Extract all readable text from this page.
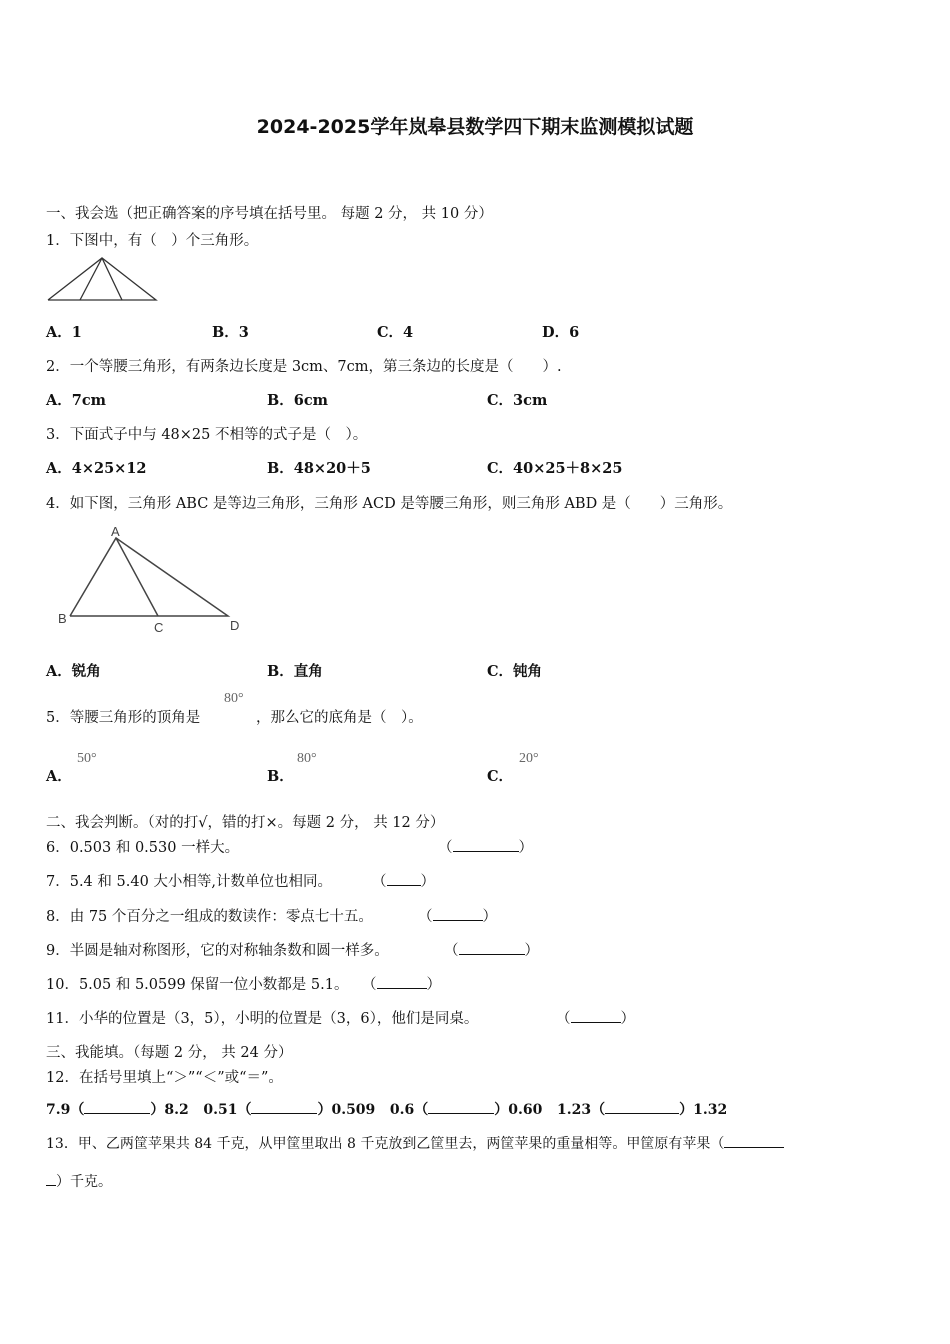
2024-2025学年岚皋县数学四下期末监测模拟试题
一、我会选（把正确答案的序号填在括号里。 每题 2 分， 共 10 分）
1．下图中，有（　）个三角形。
A．1	B．3	C．4	D．6
2．一个等腰三角形，有两条边长度是 3cm、7cm，第三条边的长度是（　　）.
A．7cm	B．6cm	C．3cm
3．下面式子中与 48×25 不相等的式子是（　）。
A．4×25×12	B．48×20＋5	C．40×25＋8×25
4．如下图，三角形 ABC 是等边三角形，三角形 ACD 是等腰三角形，则三角形 ABD 是（　　）三角形。
A
B
C	D
A．锐角	B．直角	C．钝角
5．等腰三角形的顶角是
80°
，那么它的底角是（　）。
A．
50°
B．
80°
C．
20°
二、我会判断。（对的打√，错的打×。每题 2 分， 共 12 分）
6．0.503 和 0.530 一样大。	（	）
7．5.4 和 5.40 大小相等,计数单位也相同。	（ ）
8．由 75 个百分之一组成的数读作：零点七十五。	（	）
9．半圆是轴对称图形，它的对称轴条数和圆一样多。	（	）
10．5.05 和 5.0599 保留一位小数都是 5.1。 （	）
11．小华的位置是（3，5），小明的位置是（3，6），他们是同桌。	（	）
三、我能填。（每题 2 分， 共 24 分）
12．在括号里填上“＞”“＜”或“＝”。
7.9（	）8.2 0.51（	）0.509 0.6（	）0.60 1.23（	）1.32
13．甲、乙两筐苹果共 84 千克，从甲筐里取出 8 千克放到乙筐里去，两筐苹果的重量相等。甲筐原有苹果（
）千克。
